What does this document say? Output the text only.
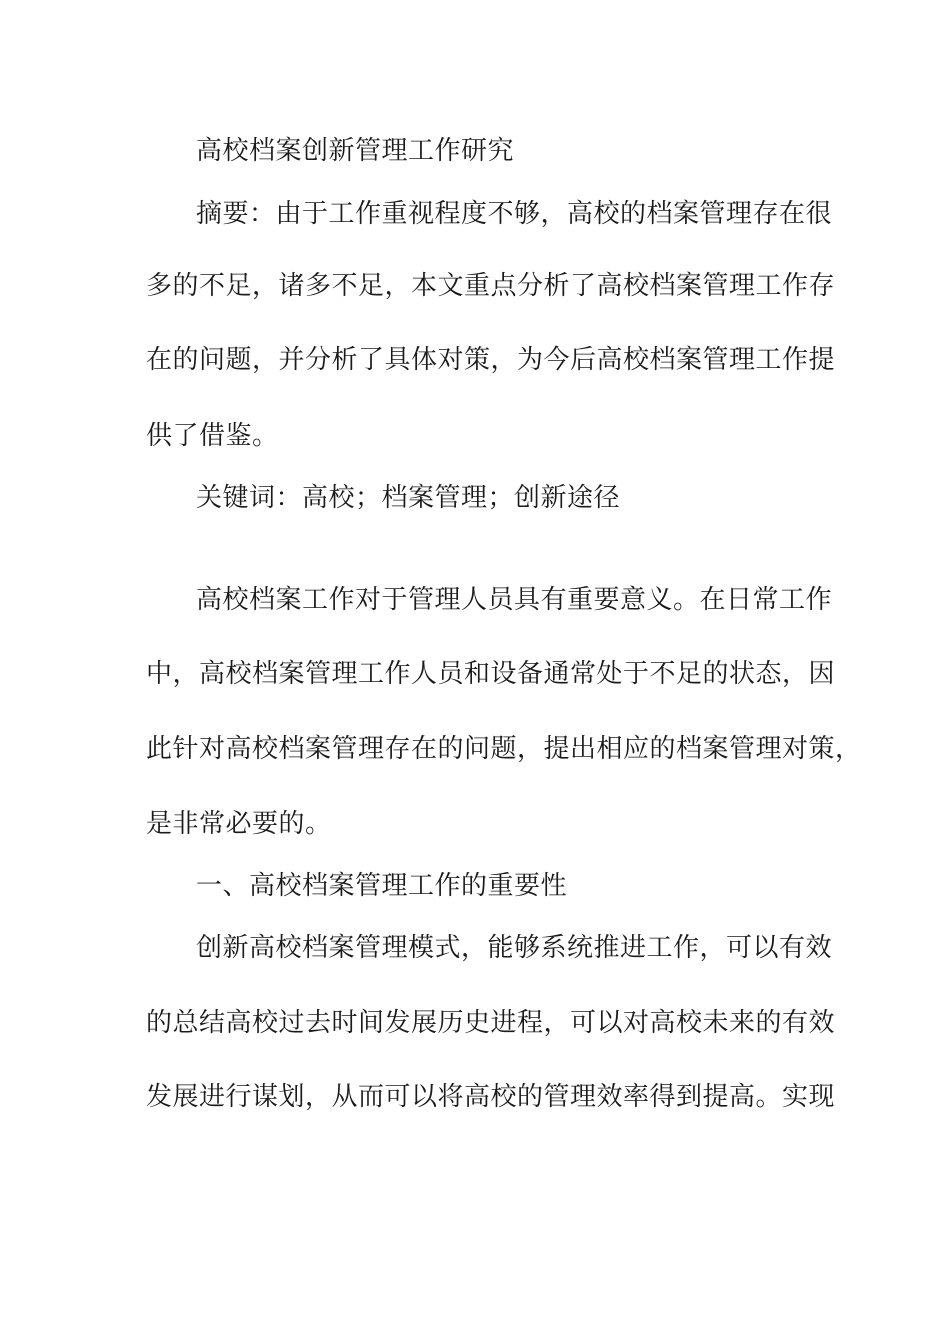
高校档案创新管理工作研究
摘要：由于工作重视程度不够，高校的档案管理存在很
多的不足，诸多不足，本文重点分析了高校档案管理工作存
在的问题，并分析了具体对策，为今后高校档案管理工作提
供了借鉴。
关键词：高校；档案管理；创新途径
高校档案工作对于管理人员具有重要意义。在日常工作
中，高校档案管理工作人员和设备通常处于不足的状态，因
此针对高校档案管理存在的问题，提出相应的档案管理对策，
是非常必要的。
一、高校档案管理工作的重要性
创新高校档案管理模式，能够系统推进工作，可以有效
的总结高校过去时间发展历史进程，可以对高校未来的有效
发展进行谋划，从而可以将高校的管理效率得到提高。实现
